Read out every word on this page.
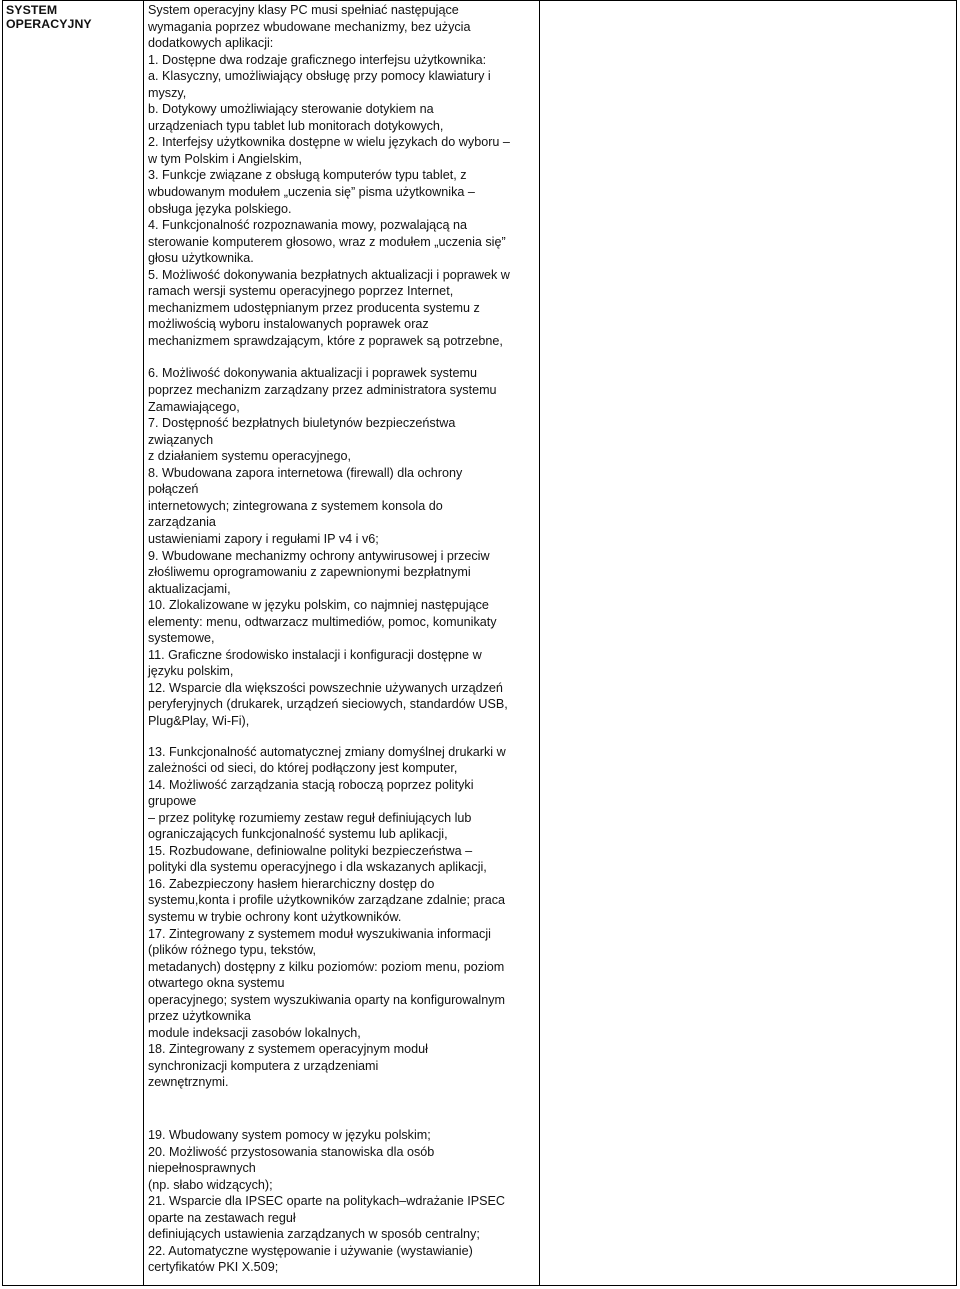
SYSTEM OPERACYJNY
System operacyjny klasy PC musi spełniać następujące
wymagania poprzez wbudowane mechanizmy, bez użycia
dodatkowych aplikacji:
1. Dostępne dwa rodzaje graficznego interfejsu użytkownika:
a. Klasyczny, umożliwiający obsługę przy pomocy klawiatury i
myszy,
b. Dotykowy umożliwiający sterowanie dotykiem na
urządzeniach typu tablet lub monitorach dotykowych,
2. Interfejsy użytkownika dostępne w wielu językach do wyboru –
w tym Polskim i Angielskim,
3. Funkcje związane z obsługą komputerów typu tablet, z
wbudowanym modułem „uczenia się” pisma użytkownika –
obsługa języka polskiego.
4. Funkcjonalność rozpoznawania mowy, pozwalającą na
sterowanie komputerem głosowo, wraz z modułem „uczenia się”
głosu użytkownika.
5. Możliwość dokonywania bezpłatnych aktualizacji i poprawek w
ramach wersji systemu operacyjnego poprzez Internet,
mechanizmem udostępnianym przez producenta systemu z
możliwością wyboru instalowanych poprawek oraz
mechanizmem sprawdzającym, które z poprawek są potrzebne,
6. Możliwość dokonywania aktualizacji i poprawek systemu
poprzez mechanizm zarządzany przez administratora systemu
Zamawiającego,
7. Dostępność bezpłatnych biuletynów bezpieczeństwa
związanych
z działaniem systemu operacyjnego,
8. Wbudowana zapora internetowa (firewall) dla ochrony
połączeń
internetowych; zintegrowana z systemem konsola do
zarządzania
ustawieniami zapory i regułami IP v4 i v6;
9. Wbudowane mechanizmy ochrony antywirusowej i przeciw
złośliwemu oprogramowaniu z zapewnionymi bezpłatnymi
aktualizacjami,
10. Zlokalizowane w języku polskim, co najmniej następujące
elementy: menu, odtwarzacz multimediów, pomoc, komunikaty
systemowe,
11. Graficzne środowisko instalacji i konfiguracji dostępne w
języku polskim,
12. Wsparcie dla większości powszechnie używanych urządzeń
peryferyjnych (drukarek, urządzeń sieciowych, standardów USB,
Plug&Play, Wi-Fi),
13. Funkcjonalność automatycznej zmiany domyślnej drukarki w
zależności od sieci, do której podłączony jest komputer,
14. Możliwość zarządzania stacją roboczą poprzez polityki
grupowe
– przez politykę rozumiemy zestaw reguł definiujących lub
ograniczających funkcjonalność systemu lub aplikacji,
15. Rozbudowane, definiowalne polityki bezpieczeństwa –
polityki dla systemu operacyjnego i dla wskazanych aplikacji,
16. Zabezpieczony hasłem hierarchiczny dostęp do
systemu,konta i profile użytkowników zarządzane zdalnie; praca
systemu w trybie ochrony kont użytkowników.
17. Zintegrowany z systemem moduł wyszukiwania informacji
(plików różnego typu, tekstów,
metadanych) dostępny z kilku poziomów: poziom menu, poziom
otwartego okna systemu
operacyjnego; system wyszukiwania oparty na konfigurowalnym
przez użytkownika
module indeksacji zasobów lokalnych,
18. Zintegrowany z systemem operacyjnym moduł
synchronizacji komputera z urządzeniami
zewnętrznymi.
19. Wbudowany system pomocy w języku polskim;
20. Możliwość przystosowania stanowiska dla osób
niepełnosprawnych
(np. słabo widzących);
21. Wsparcie dla IPSEC oparte na politykach–wdrażanie IPSEC
oparte na zestawach reguł
definiujących ustawienia zarządzanych w sposób centralny;
22. Automatyczne występowanie i używanie (wystawianie)
certyfikatów PKI X.509;
